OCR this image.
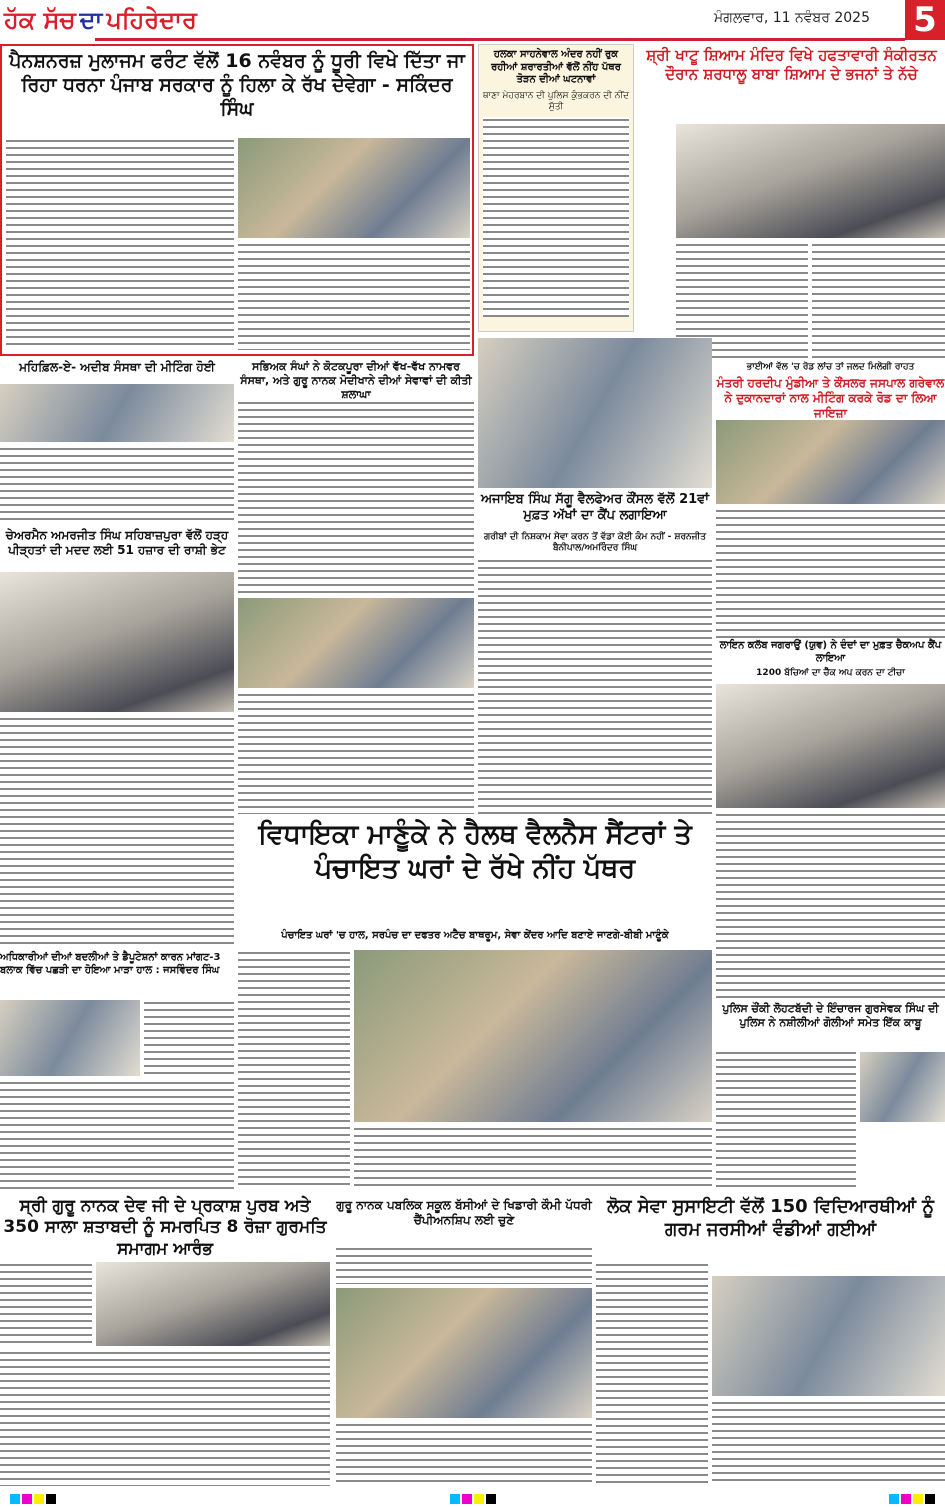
ਹੱਕ ਸੱਚ ਦਾ ਪਹਿਰੇਦਾਰ	ਮੰਗਲਵਾਰ, 11 ਨਵੰਬਰ 2025 5
ਪੈਨਸ਼ਨਰਜ਼ ਮੁਲਾਜਮ ਫਰੰਟ ਵੱਲੋਂ 16 ਨਵੰਬਰ ਨੂੰ ਧੂਰੀ ਵਿਖੇ ਦਿੱਤਾ ਜਾ ਰਿਹਾ ਧਰਨਾ ਪੰਜਾਬ ਸਰਕਾਰ ਨੂੰ ਹਿਲਾ ਕੇ ਰੱਖ ਦੇਵੇਗਾ - ਸਕਿੰਦਰ ਸਿੰਘ
ਹਲਕਾ ਸਾਹਨੇਵਾਲ ਅੰਦਰ ਨਹੀਂ ਰੁਕ ਰਹੀਆਂ ਸ਼ਰਾਰਤੀਆਂ ਵੱਲੋਂ ਨੀਂਹ ਪੱਥਰ ਤੋੜਨ ਦੀਆਂ ਘਟਨਾਵਾਂ
ਥਾਣਾ ਮੇਹਰਬਾਨ ਦੀ ਪੁਲਿਸ ਕੁੰਭਕਰਨ ਦੀ ਨੀਂਦ ਸੁੱਤੀ
ਸ਼੍ਰੀ ਖਾਟੂ ਸ਼ਿਆਮ ਮੰਦਿਰ ਵਿਖੇ ਹਫਤਾਵਾਰੀ ਸੰਕੀਰਤਨ ਦੌਰਾਨ ਸ਼ਰਧਾਲੂ ਬਾਬਾ ਸ਼ਿਆਮ ਦੇ ਭਜਨਾਂ ਤੇ ਨੱਚੇ
ਮਹਿਫ਼ਿਲ-ਏ- ਅਦੀਬ ਸੰਸਥਾ ਦੀ ਮੀਟਿੰਗ ਹੋਈ
ਚੇਅਰਮੈਨ ਅਮਰਜੀਤ ਸਿੰਘ ਸਹਿਬਾਜ਼ਪੁਰਾ ਵੱਲੋਂ ਹੜ੍ਹ ਪੀੜ੍ਹਤਾਂ ਦੀ ਮਦਦ ਲਈ 51 ਹਜ਼ਾਰ ਦੀ ਰਾਸ਼ੀ ਭੇਟ
ਸਭਿਅਕ ਸੰਘਾਂ ਨੇ ਕੋਟਕਪੂਰਾ ਦੀਆਂ ਵੱਖ-ਵੱਖ ਨਾਮਵਰ ਸੰਸਥਾ, ਅਤੇ ਗੁਰੂ ਨਾਨਕ ਮੋਦੀਖਾਨੇ ਦੀਆਂ ਸੇਵਾਵਾਂ ਦੀ ਕੀਤੀ ਸ਼ਲਾਘਾ
ਅਜਾਇਬ ਸਿੰਘ ਸੱਗੂ ਵੈਲਫੇਅਰ ਕੌਂਸਲ ਵੱਲੋਂ 21ਵਾਂ ਮੁਫ਼ਤ ਅੱਖਾਂ ਦਾ ਕੈਂਪ ਲਗਾਇਆ
ਗਰੀਬਾਂ ਦੀ ਨਿਸ਼ਕਾਮ ਸੇਵਾ ਕਰਨ ਤੋਂ ਵੱਡਾ ਕੋਈ ਕੰਮ ਨਹੀਂ - ਸ਼ਰਨਜੀਤ ਬੈਨੀਪਾਲ/ਅਮਰਿੰਦਰ ਸਿੰਘ
ਭਾਈਆਂ ਵੱਲ 'ਚ ਰੋਡ ਲਾਂਚ ਤਾਂ ਜਲਦ ਮਿਲੇਗੀ ਰਾਹਤ
ਮੰਤਰੀ ਹਰਦੀਪ ਮੁੰਡੀਆ ਤੇ ਕੌਂਸਲਰ ਜਸਪਾਲ ਗਰੇਵਾਲ ਨੇ ਦੁਕਾਨਦਾਰਾਂ ਨਾਲ ਮੀਟਿੰਗ ਕਰਕੇ ਰੋਡ ਦਾ ਲਿਆ ਜਾਇਜ਼ਾ
ਲਾਇਨ ਕਲੱਬ ਜਗਰਾਉਂ (ਯੁਵ) ਨੇ ਦੰਦਾਂ ਦਾ ਮੁਫ਼ਤ ਚੈਕਅਪ ਕੈਂਪ ਲਾਇਆ
1200 ਬੱਚਿਆਂ ਦਾ ਚੈੱਕ ਅਪ ਕਰਨ ਦਾ ਟੀਚਾ
ਪੁਲਿਸ ਚੌਂਕੀ ਲੋਹਟਬੱਦੀ ਦੇ ਇੰਚਾਰਜ ਗੁਰਸੇਵਕ ਸਿੰਘ ਦੀ ਪੁਲਿਸ ਨੇ ਨਸ਼ੀਲੀਆਂ ਗੋਲੀਆਂ ਸਮੇਤ ਇੱਕ ਕਾਬੂ
ਵਿਧਾਇਕਾ ਮਾਣੂੰਕੇ ਨੇ ਹੈਲਥ ਵੈਲਨੈਸ ਸੈਂਟਰਾਂ ਤੇ ਪੰਚਾਇਤ ਘਰਾਂ ਦੇ ਰੱਖੇ ਨੀਂਹ ਪੱਥਰ
ਪੰਚਾਇਤ ਘਰਾਂ 'ਚ ਹਾਲ, ਸਰਪੰਚ ਦਾ ਦਫਤਰ ਅਟੈਚ ਬਾਥਰੂਮ, ਸੇਵਾ ਕੇਂਦਰ ਆਦਿ ਬਣਾਏ ਜਾਣਗੇ-ਬੀਬੀ ਮਾਣੂੰਕੇ
ਅਧਿਕਾਰੀਆਂ ਦੀਆਂ ਬਦਲੀਆਂ ਤੇ ਡੈਪੂਟੇਸ਼ਨਾਂ ਕਾਰਨ ਮਾਂਗਟ-3 ਬਲਾਕ ਵਿੱਚ ਪਛੜੀ ਦਾ ਹੋਇਆ ਮਾੜਾ ਹਾਲ : ਜਸਵਿੰਦਰ ਸਿੰਘ
ਸ੍ਰੀ ਗੁਰੂ ਨਾਨਕ ਦੇਵ ਜੀ ਦੇ ਪ੍ਰਕਾਸ਼ ਪੁਰਬ ਅਤੇ 350 ਸਾਲਾ ਸ਼ਤਾਬਦੀ ਨੂੰ ਸਮਰਪਿਤ 8 ਰੋਜ਼ਾ ਗੁਰਮਤਿ ਸਮਾਗਮ ਆਰੰਭ
ਗੁਰੂ ਨਾਨਕ ਪਬਲਿਕ ਸਕੂਲ ਬੱਸੀਆਂ ਦੇ ਖਿਡਾਰੀ ਕੌਮੀ ਪੱਧਰੀ ਚੈਂਪੀਅਨਸ਼ਿਪ ਲਈ ਚੁਣੇ
ਲੋਕ ਸੇਵਾ ਸੁਸਾਇਟੀ ਵੱਲੋਂ 150 ਵਿਦਿਆਰਥੀਆਂ ਨੂੰ ਗਰਮ ਜਰਸੀਆਂ ਵੰਡੀਆਂ ਗਈਆਂ
